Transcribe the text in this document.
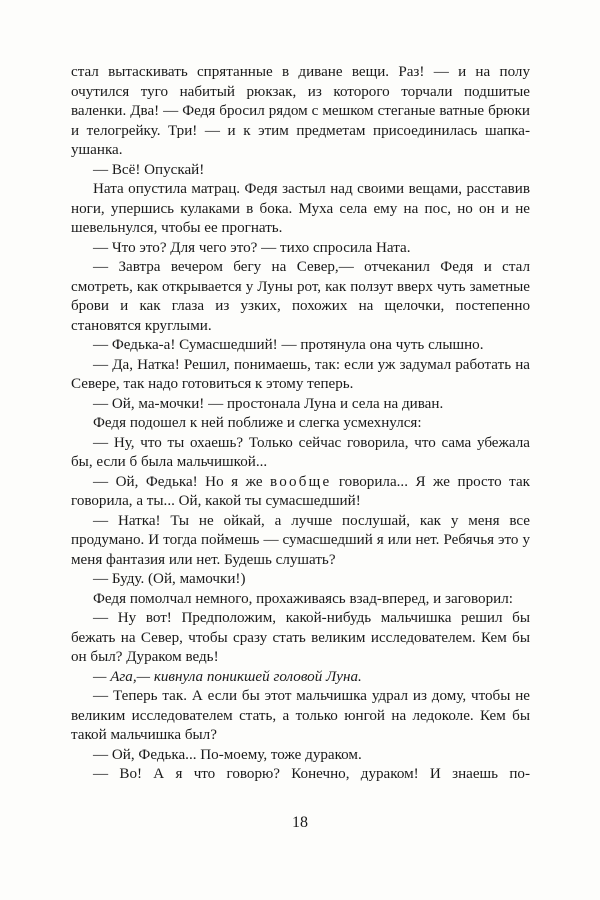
стал вытаскивать спрятанные в диване вещи. Раз! — и на полу очутился туго набитый рюкзак, из которого торчали подшитые валенки. Два! — Федя бросил рядом с мешком стеганые ватные брюки и телогрейку. Три! — и к этим предметам присоединилась шапка-ушанка.

— Всё! Опускай!

Ната опустила матрац. Федя застыл над своими вещами, расставив ноги, упершись кулаками в бока. Муха села ему на пос, но он и не шевельнулся, чтобы ее прогнать.

— Что это? Для чего это? — тихо спросила Ната.

— Завтра вечером бегу на Север,— отчеканил Федя и стал смотреть, как открывается у Луны рот, как ползут вверх чуть заметные брови и как глаза из узких, похожих на щелочки, постепенно становятся круглыми.

— Федька-а! Сумасшедший! — протянула она чуть слышно.

— Да, Натка! Решил, понимаешь, так: если уж задумал работать на Севере, так надо готовиться к этому теперь.

— Ой, ма-мочки! — простонала Луна и села на диван.

Федя подошел к ней поближе и слегка усмехнулся:

— Ну, что ты охаешь? Только сейчас говорила, что сама убежала бы, если б была мальчишкой...

— Ой, Федька! Но я же вообще говорила... Я же просто так говорила, а ты... Ой, какой ты сумасшедший!

— Натка! Ты не ойкай, а лучше послушай, как у меня все продумано. И тогда поймешь — сумасшедший я или нет. Ребячья это у меня фантазия или нет. Будешь слушать?

— Буду. (Ой, мамочки!)

Федя помолчал немного, прохаживаясь взад-вперед, и заговорил:

— Ну вот! Предположим, какой-нибудь мальчишка решил бы бежать на Север, чтобы сразу стать великим исследователем. Кем бы он был? Дураком ведь!

— Ага,— кивнула поникшей головой Луна.

— Теперь так. А если бы этот мальчишка удрал из дому, чтобы не великим исследователем стать, а только юнгой на ледоколе. Кем бы такой мальчишка был?

— Ой, Федька... По-моему, тоже дураком.

— Во! А я что говорю? Конечно, дураком! И знаешь по-

18
